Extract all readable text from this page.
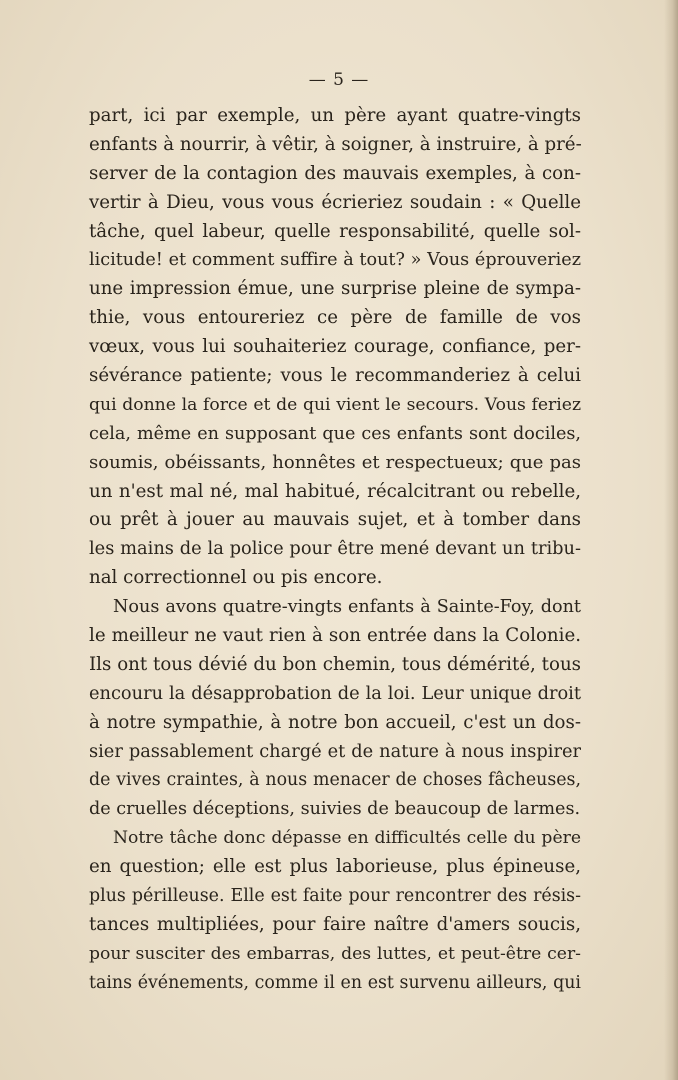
— 5 —
part, ici par exemple, un père ayant quatre-vingts
enfants à nourrir, à vêtir, à soigner, à instruire, à pré-
server de la contagion des mauvais exemples, à con-
vertir à Dieu, vous vous écrieriez soudain : « Quelle
tâche, quel labeur, quelle responsabilité, quelle sol-
licitude! et comment suffire à tout? » Vous éprouveriez
une impression émue, une surprise pleine de sympa-
thie, vous entoureriez ce père de famille de vos
vœux, vous lui souhaiteriez courage, confiance, per-
sévérance patiente; vous le recommanderiez à celui
qui donne la force et de qui vient le secours. Vous feriez
cela, même en supposant que ces enfants sont dociles,
soumis, obéissants, honnêtes et respectueux; que pas
un n'est mal né, mal habitué, récalcitrant ou rebelle,
ou prêt à jouer au mauvais sujet, et à tomber dans
les mains de la police pour être mené devant un tribu-
nal correctionnel ou pis encore.
Nous avons quatre-vingts enfants à Sainte-Foy, dont
le meilleur ne vaut rien à son entrée dans la Colonie.
Ils ont tous dévié du bon chemin, tous démérité, tous
encouru la désapprobation de la loi. Leur unique droit
à notre sympathie, à notre bon accueil, c'est un dos-
sier passablement chargé et de nature à nous inspirer
de vives craintes, à nous menacer de choses fâcheuses,
de cruelles déceptions, suivies de beaucoup de larmes.
Notre tâche donc dépasse en difficultés celle du père
en question; elle est plus laborieuse, plus épineuse,
plus périlleuse. Elle est faite pour rencontrer des résis-
tances multipliées, pour faire naître d'amers soucis,
pour susciter des embarras, des luttes, et peut-être cer-
tains événements, comme il en est survenu ailleurs, qui
